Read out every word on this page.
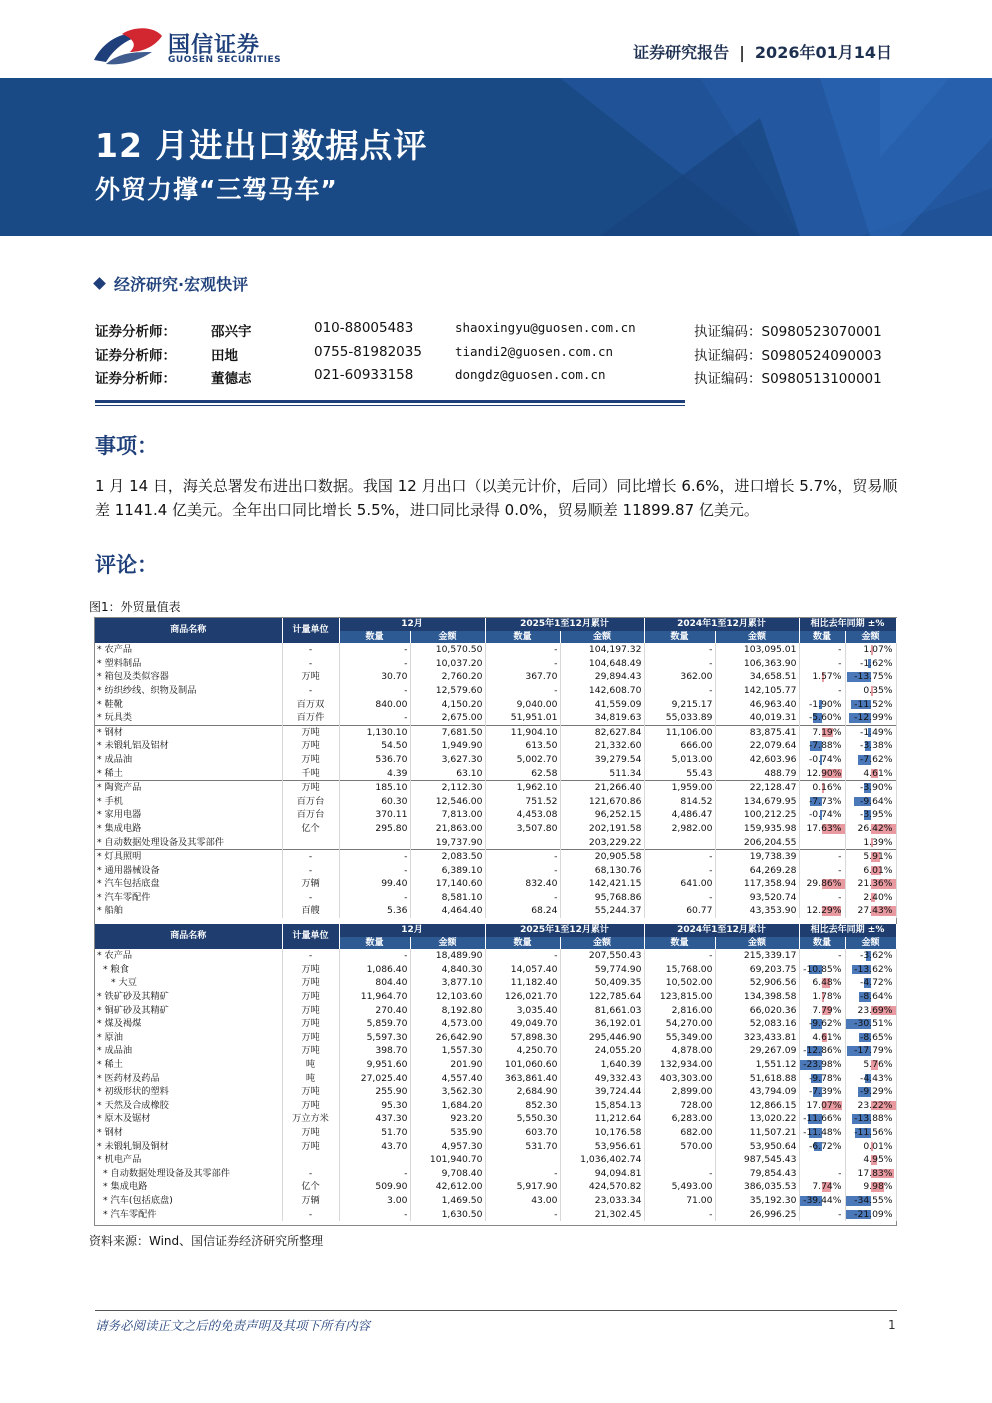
国信证券
GUOSEN SECURITIES	证券研究报告 | 2026年01月14日
12 月进出口数据点评
外贸力撑“三驾马车”
经济研究·宏观快评
证券分析师：	邵兴宇	010-88005483	shaoxingyu@guosen.com.cn	执证编码：S0980523070001
证券分析师：	田地	0755-81982035	tiandi2@guosen.com.cn	执证编码：S0980524090003
证券分析师：	董德志	021-60933158	dongdz@guosen.com.cn	执证编码：S0980513100001
事项：
1 月 14 日，海关总署发布进出口数据。我国 12 月出口（以美元计价，后同）同比增长 6.6%，进口增长 5.7%，贸易顺差 1141.4 亿美元。全年出口同比增长 5.5%，进口同比录得 0.0%，贸易顺差 11899.87 亿美元。
评论：
图1：外贸量值表
商品名称	计量单位	12月		2025年1至12月累计		2024年1至12月累计		相比去年同期 ±%	
		数量	金额	数量	金额	数量	金额	数量	金额
* 农产品	-	-	10,570.50	-	104,197.32	-	103,095.01	-	1.07%
* 塑料制品	-	-	10,037.20	-	104,648.49	-	106,363.90	-	-1.62%
* 箱包及类似容器	万吨	30.70	2,760.20	367.70	29,894.43	362.00	34,658.51	1.57%	-13.75%
* 纺织纱线、织物及制品	-	-	12,579.60	-	142,608.70	-	142,105.77	-	0.35%
* 鞋靴	百万双	840.00	4,150.20	9,040.00	41,559.09	9,215.17	46,963.40	-1.90%	-11.52%
* 玩具类	百万件	-	2,675.00	51,951.01	34,819.63	55,033.89	40,019.31	-5.60%	-12.99%
* 钢材	万吨	1,130.10	7,681.50	11,904.10	82,627.84	11,106.00	83,875.41	7.19%	-1.49%
* 未锻轧铝及铝材	万吨	54.50	1,949.90	613.50	21,332.60	666.00	22,079.64	-7.88%	-3.38%
* 成品油	万吨	536.70	3,627.30	5,002.70	39,279.54	5,013.00	42,603.96	-0.74%	-7.62%
* 稀土	千吨	4.39	63.10	62.58	511.34	55.43	488.79	12.90%	4.61%
* 陶瓷产品	万吨	185.10	2,112.30	1,962.10	21,266.40	1,959.00	22,128.47	0.16%	-3.90%
* 手机	百万台	60.30	12,546.00	751.52	121,670.86	814.52	134,679.95	-7.73%	-9.64%
* 家用电器	百万台	370.11	7,813.00	4,453.08	96,252.15	4,486.47	100,212.25	-0.74%	-3.95%
* 集成电路	亿个	295.80	21,863.00	3,507.80	202,191.58	2,982.00	159,935.98	17.63%	26.42%
* 自动数据处理设备及其零部件			19,737.90		203,229.22		206,204.55		1.39%
* 灯具照明	-	-	2,083.50	-	20,905.58	-	19,738.39	-	5.91%
* 通用器械设备	-	-	6,389.10	-	68,130.76	-	64,269.28	-	6.01%
* 汽车包括底盘	万辆	99.40	17,140.60	832.40	142,421.15	641.00	117,358.94	29.86%	21.36%
* 汽车零配件	-	-	8,581.10	-	95,768.86	-	93,520.74	-	2.40%
* 船舶	百艘	5.36	4,464.40	68.24	55,244.37	60.77	43,353.90	12.29%	27.43%
商品名称	计量单位	12月		2025年1至12月累计		2024年1至12月累计		相比去年同期 ±%	
		数量	金额	数量	金额	数量	金额	数量	金额
* 农产品	-	-	18,489.90	-	207,550.43	-	215,339.17	-	-3.62%
* 粮食	万吨	1,086.40	4,840.30	14,057.40	59,774.90	15,768.00	69,203.75	-10.85%	-13.62%
* 大豆	万吨	804.40	3,877.10	11,182.40	50,409.35	10,502.00	52,906.56	6.48%	-4.72%
* 铁矿砂及其精矿	万吨	11,964.70	12,103.60	126,021.70	122,785.64	123,815.00	134,398.58	1.78%	-8.64%
* 铜矿砂及其精矿	万吨	270.40	8,192.80	3,035.40	81,661.03	2,816.00	66,020.36	7.79%	23.69%
* 煤及褐煤	万吨	5,859.70	4,573.00	49,049.70	36,192.01	54,270.00	52,083.16	-9.62%	-30.51%
* 原油	万吨	5,597.30	26,642.90	57,898.30	295,446.90	55,349.00	323,433.81	4.61%	-8.65%
* 成品油	万吨	398.70	1,557.30	4,250.70	24,055.20	4,878.00	29,267.09	-12.86%	-17.79%
* 稀土	吨	9,951.60	201.90	101,060.60	1,640.39	132,934.00	1,551.12	-23.98%	5.76%
* 医药材及药品	吨	27,025.40	4,557.40	363,861.40	49,332.43	403,303.00	51,618.88	-9.78%	-4.43%
* 初级形状的塑料	万吨	255.90	3,562.30	2,684.90	39,724.44	2,899.00	43,794.09	-7.39%	-9.29%
* 天然及合成橡胶	万吨	95.30	1,684.20	852.30	15,854.13	728.00	12,866.15	17.07%	23.22%
* 原木及锯材	万立方米	437.30	923.20	5,550.30	11,212.64	6,283.00	13,020.22	-11.66%	-13.88%
* 钢材	万吨	51.70	535.90	603.70	10,176.58	682.00	11,507.21	-11.48%	-11.56%
* 未锻轧铜及铜材	万吨	43.70	4,957.30	531.70	53,956.61	570.00	53,950.64	-6.72%	0.01%
* 机电产品			101,940.70		1,036,402.74		987,545.43		4.95%
* 自动数据处理设备及其零部件	-	-	9,708.40	-	94,094.81	-	79,854.43	-	17.83%
* 集成电路	亿个	509.90	42,612.00	5,917.90	424,570.82	5,493.00	386,035.53	7.74%	9.98%
* 汽车(包括底盘)	万辆	3.00	1,469.50	43.00	23,033.34	71.00	35,192.30	-39.44%	-34.55%
* 汽车零配件	-	-	1,630.50	-	21,302.45	-	26,996.25	-	-21.09%
资料来源：Wind、国信证券经济研究所整理
请务必阅读正文之后的免责声明及其项下所有内容	1
